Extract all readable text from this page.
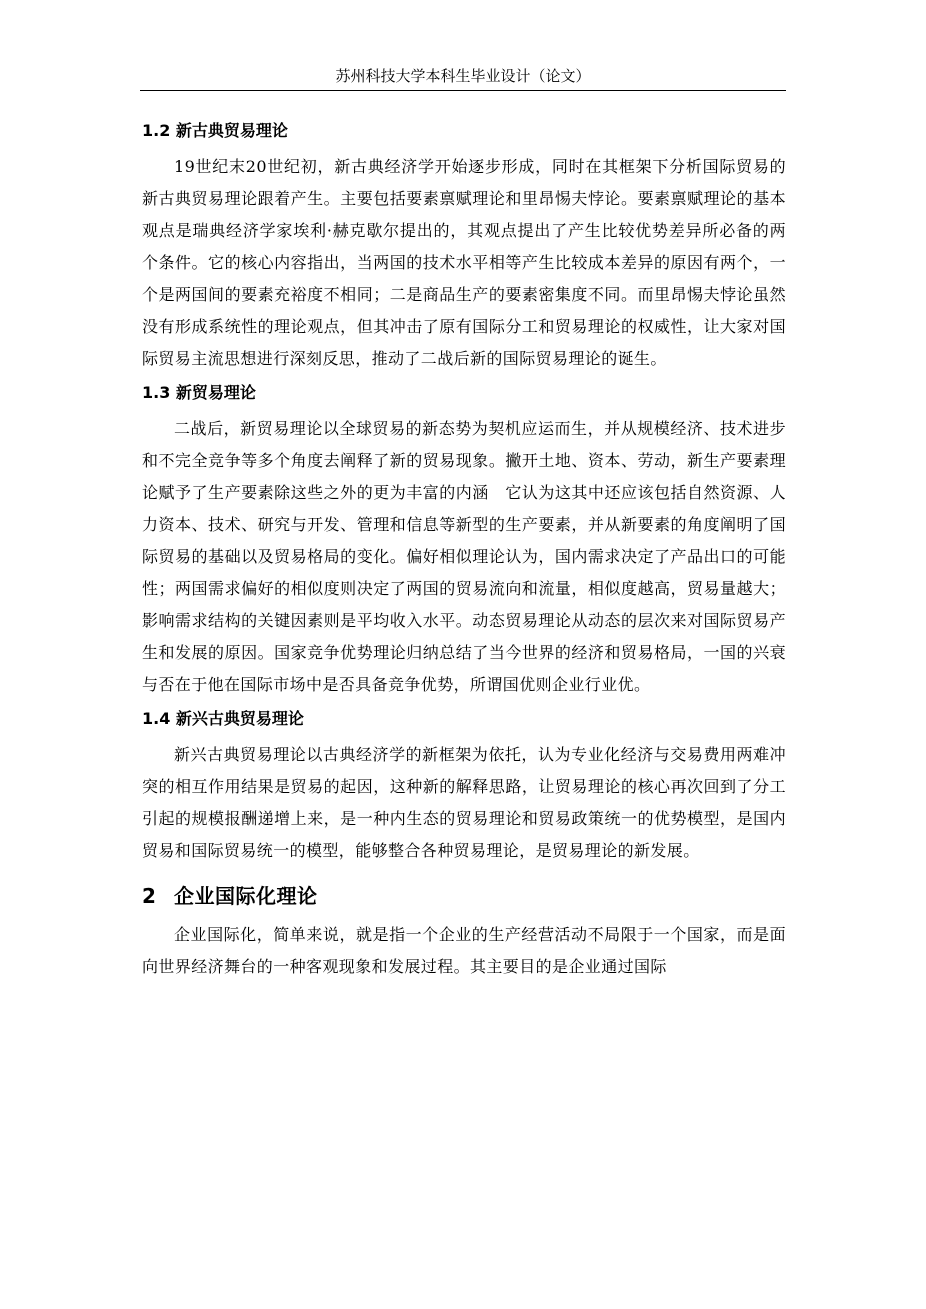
苏州科技大学本科生毕业设计（论文）
1.2 新古典贸易理论

19世纪末20世纪初，新古典经济学开始逐步形成，同时在其框架下分析国际贸易的新古典贸易理论跟着产生。主要包括要素禀赋理论和里昂惕夫悖论。要素禀赋理论的基本观点是瑞典经济学家埃利·赫克歇尔提出的，其观点提出了产生比较优势差异所必备的两个条件。它的核心内容指出，当两国的技术水平相等产生比较成本差异的原因有两个，一个是两国间的要素充裕度不相同；二是商品生产的要素密集度不同。而里昂惕夫悖论虽然没有形成系统性的理论观点，但其冲击了原有国际分工和贸易理论的权威性，让大家对国际贸易主流思想进行深刻反思，推动了二战后新的国际贸易理论的诞生。

1.3 新贸易理论

二战后，新贸易理论以全球贸易的新态势为契机应运而生，并从规模经济、技术进步和不完全竞争等多个角度去阐释了新的贸易现象。撇开土地、资本、劳动，新生产要素理论赋予了生产要素除这些之外的更为丰富的内涵　它认为这其中还应该包括自然资源、人力资本、技术、研究与开发、管理和信息等新型的生产要素，并从新要素的角度阐明了国际贸易的基础以及贸易格局的变化。偏好相似理论认为，国内需求决定了产品出口的可能性；两国需求偏好的相似度则决定了两国的贸易流向和流量，相似度越高，贸易量越大；影响需求结构的关键因素则是平均收入水平。动态贸易理论从动态的层次来对国际贸易产生和发展的原因。国家竞争优势理论归纳总结了当今世界的经济和贸易格局，一国的兴衰与否在于他在国际市场中是否具备竞争优势，所谓国优则企业行业优。

1.4 新兴古典贸易理论

新兴古典贸易理论以古典经济学的新框架为依托，认为专业化经济与交易费用两难冲突的相互作用结果是贸易的起因，这种新的解释思路，让贸易理论的核心再次回到了分工引起的规模报酬递增上来，是一种内生态的贸易理论和贸易政策统一的优势模型，是国内贸易和国际贸易统一的模型，能够整合各种贸易理论，是贸易理论的新发展。

2 企业国际化理论

企业国际化，简单来说，就是指一个企业的生产经营活动不局限于一个国家，而是面向世界经济舞台的一种客观现象和发展过程。其主要目的是企业通过国际
